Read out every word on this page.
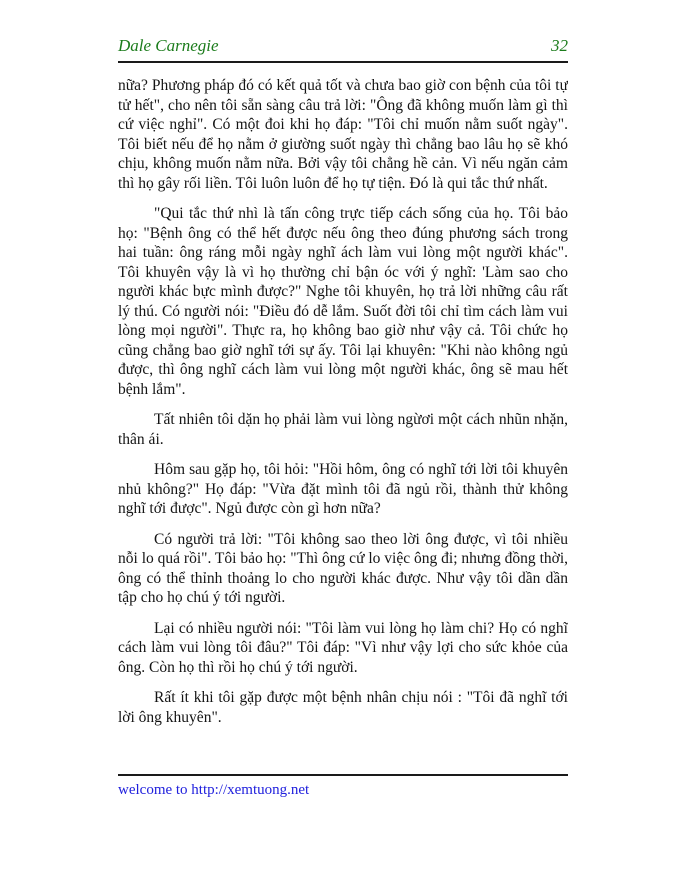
Dale Carnegie	32

nữa? Phương pháp đó có kết quả tốt và chưa bao giờ con bệnh của tôi tự tử hết", cho nên tôi sẵn sàng câu trả lời: "Ông đã không muốn làm gì thì cứ việc nghỉ". Có một đoi khi họ đáp: "Tôi chỉ muốn nằm suốt ngày". Tôi biết nếu để họ nằm ở giường suốt ngày thì chẳng bao lâu họ sẽ khó chịu, không muốn nằm nữa. Bởi vậy tôi chẳng hề cản. Vì nếu ngăn cảm thì họ gây rối liền. Tôi luôn luôn để họ tự tiện. Đó là qui tắc thứ nhất.

"Qui tắc thứ nhì là tấn công trực tiếp cách sống của họ. Tôi bảo họ: "Bệnh ông có thể hết được nếu ông theo đúng phương sách trong hai tuần: ông ráng mỗi ngày nghĩ ách làm vui lòng một người khác". Tôi khuyên vậy là vì họ thường chỉ bận óc với ý nghĩ: 'Làm sao cho người khác bực mình được?" Nghe tôi khuyên, họ trả lời những câu rất lý thú. Có người nói: "Điều đó dễ lắm. Suốt đời tôi chỉ tìm cách làm vui lòng mọi người". Thực ra, họ không bao giờ như vậy cả. Tôi chức họ cũng chẳng bao giờ nghĩ tới sự ấy. Tôi lại khuyên: "Khi nào không ngủ được, thì ông nghĩ cách làm vui lòng một người khác, ông sẽ mau hết bệnh lắm".

Tất nhiên tôi dặn họ phải làm vui lòng ngừơi một cách nhũn nhặn, thân ái.

Hôm sau gặp họ, tôi hỏi: "Hồi hôm, ông có nghĩ tới lời tôi khuyên nhủ không?" Họ đáp: "Vừa đặt mình tôi đã ngủ rồi, thành thử không nghĩ tới được". Ngủ được còn gì hơn nữa?

Có người trả lời: "Tôi không sao theo lời ông được, vì tôi nhiều nỗi lo quá rồi". Tôi bảo họ: "Thì ông cứ lo việc ông đi; nhưng đồng thời, ông có thể thỉnh thoảng lo cho người khác được. Như vậy tôi dần dần tập cho họ chú ý tới người.

Lại có nhiều người nói: "Tôi làm vui lòng họ làm chi? Họ có nghĩ cách làm vui lòng tôi đâu?" Tôi đáp: "Vì như vậy lợi cho sức khỏe của ông. Còn họ thì rồi họ chú ý tới người.

Rất ít khi tôi gặp được một bệnh nhân chịu nói : "Tôi đã nghĩ tới lời ông khuyên".

welcome to http://xemtuong.net
